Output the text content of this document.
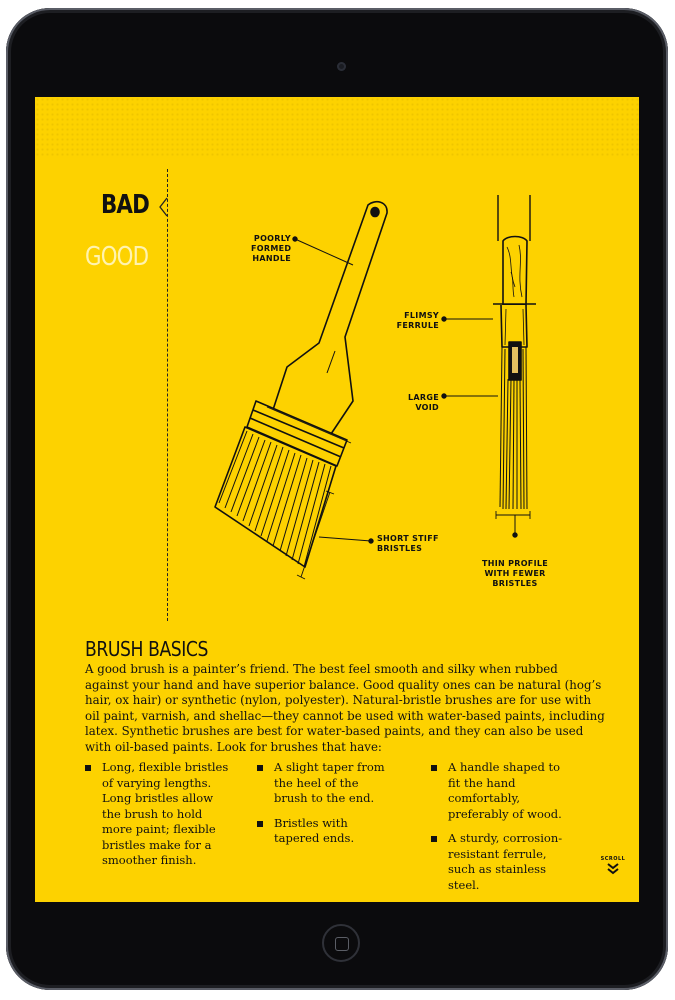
BAD
GOOD
POORLY
FORMED
HANDLE
FLIMSY
FERRULE
LARGE
VOID
SHORT STIFF
BRISTLES
THIN PROFILE
WITH FEWER
BRISTLES
BRUSH BASICS
A good brush is a painter’s friend. The best feel smooth and silky when rubbed against your hand and have superior balance. Good quality ones can be natural (hog’s hair, ox hair) or synthetic (nylon, polyester). Natural-bristle brushes are for use with oil paint, varnish, and shellac—they cannot be used with water-based paints, including latex. Synthetic brushes are best for water-based paints, and they can also be used with oil-based paints. Look for brushes that have:
Long, flexible bristles of varying lengths. Long bristles allow the brush to hold more paint; flexible bristles make for a smoother finish.
A slight taper from the heel of the brush to the end.
Bristles with tapered ends.
A handle shaped to fit the hand comfortably, preferably of wood.
A sturdy, corrosion-resistant ferrule, such as stainless steel.
SCROLL
